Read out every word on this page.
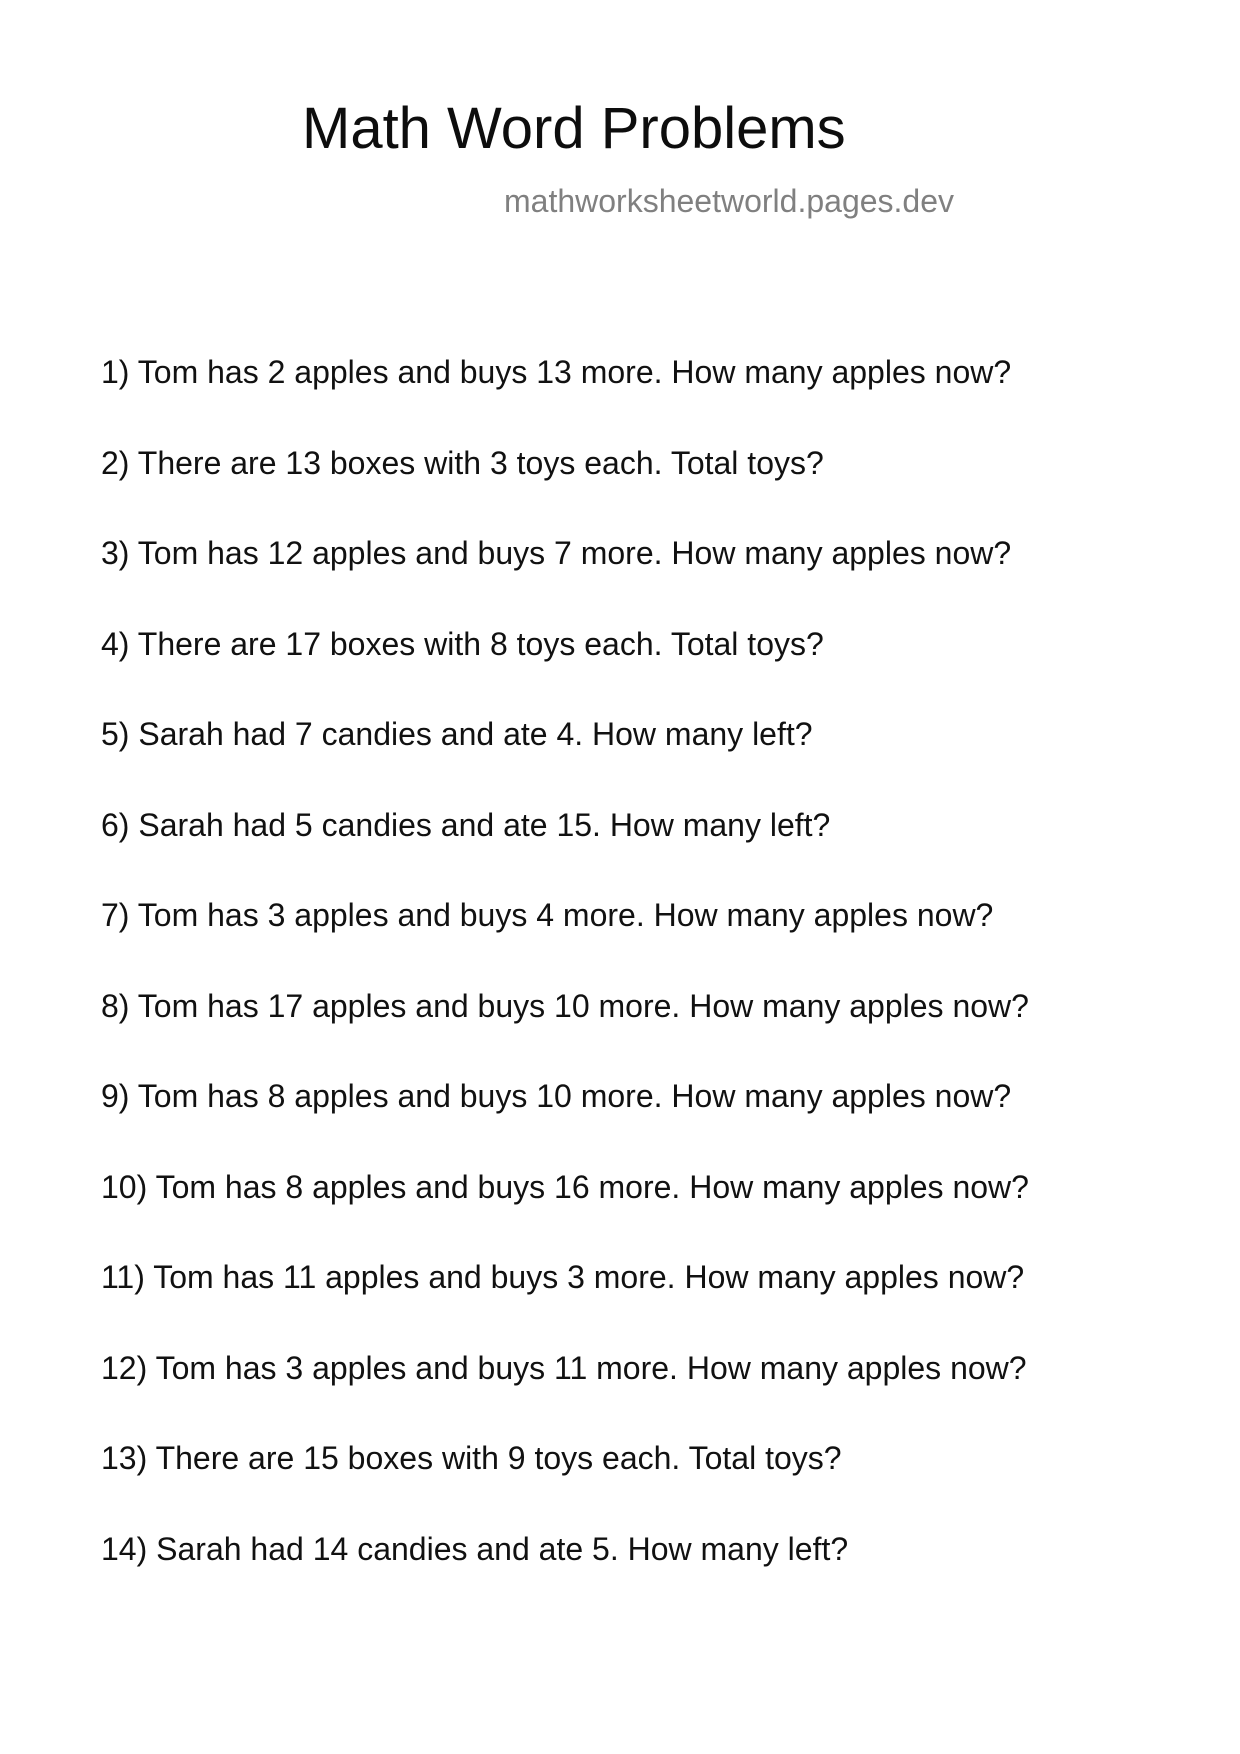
Math Word Problems
mathworksheetworld.pages.dev
1) Tom has 2 apples and buys 13 more. How many apples now?
2) There are 13 boxes with 3 toys each. Total toys?
3) Tom has 12 apples and buys 7 more. How many apples now?
4) There are 17 boxes with 8 toys each. Total toys?
5) Sarah had 7 candies and ate 4. How many left?
6) Sarah had 5 candies and ate 15. How many left?
7) Tom has 3 apples and buys 4 more. How many apples now?
8) Tom has 17 apples and buys 10 more. How many apples now?
9) Tom has 8 apples and buys 10 more. How many apples now?
10) Tom has 8 apples and buys 16 more. How many apples now?
11) Tom has 11 apples and buys 3 more. How many apples now?
12) Tom has 3 apples and buys 11 more. How many apples now?
13) There are 15 boxes with 9 toys each. Total toys?
14) Sarah had 14 candies and ate 5. How many left?
